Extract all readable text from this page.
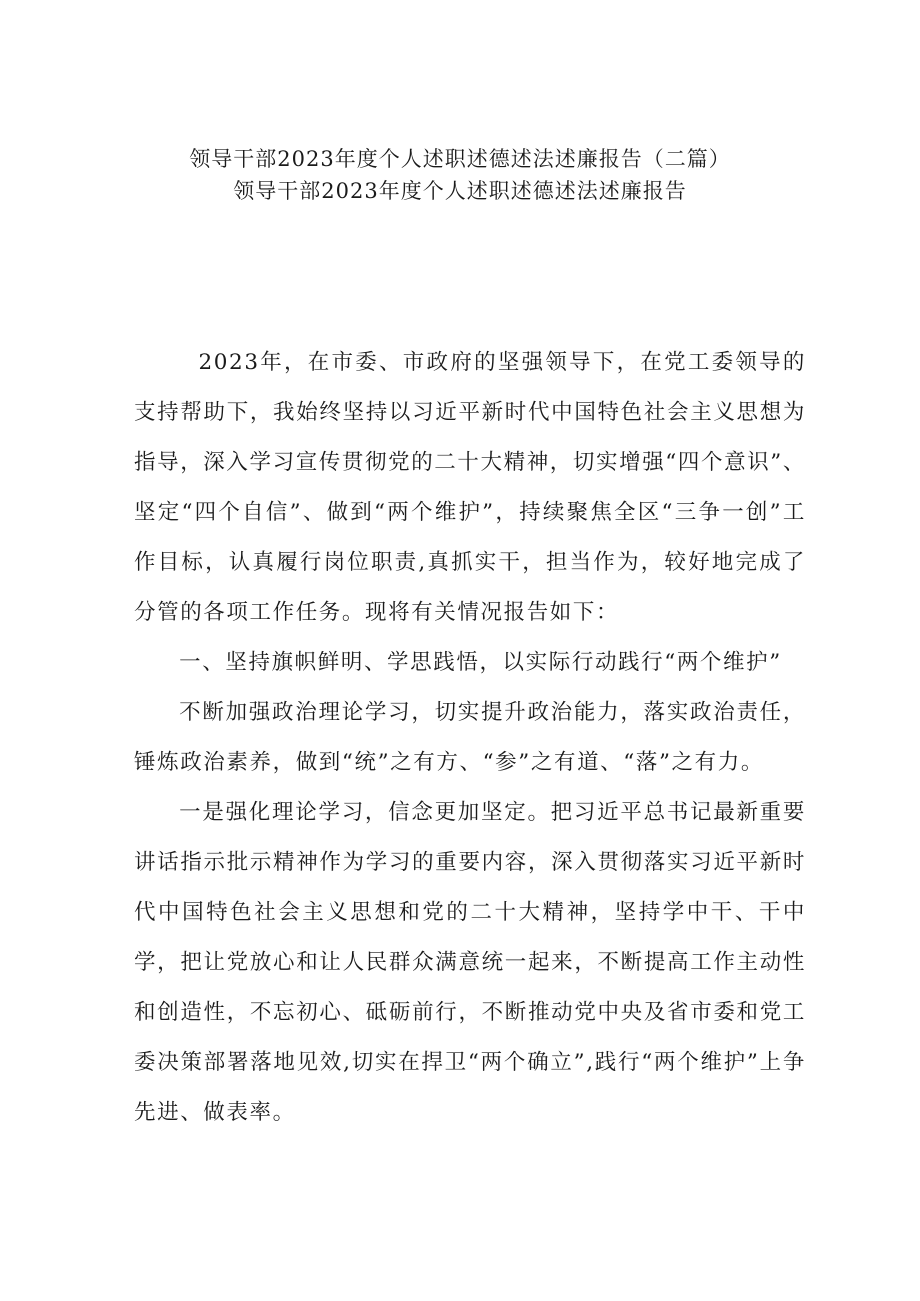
领导干部2023年度个人述职述德述法述廉报告（二篇）
领导干部2023年度个人述职述德述法述廉报告

2023年，在市委、市政府的坚强领导下，在党工委领导的支持帮助下，我始终坚持以习近平新时代中国特色社会主义思想为指导，深入学习宣传贯彻党的二十大精神，切实增强“四个意识”、坚定“四个自信”、做到“两个维护”，持续聚焦全区“三争一创”工作目标，认真履行岗位职责,真抓实干，担当作为，较好地完成了分管的各项工作任务。现将有关情况报告如下：

一、坚持旗帜鲜明、学思践悟，以实际行动践行“两个维护”

不断加强政治理论学习，切实提升政治能力，落实政治责任，锤炼政治素养，做到“统”之有方、“参”之有道、“落”之有力。

一是强化理论学习，信念更加坚定。把习近平总书记最新重要讲话指示批示精神作为学习的重要内容，深入贯彻落实习近平新时代中国特色社会主义思想和党的二十大精神，坚持学中干、干中学，把让党放心和让人民群众满意统一起来，不断提高工作主动性和创造性，不忘初心、砥砺前行，不断推动党中央及省市委和党工委决策部署落地见效,切实在捍卫“两个确立”,践行“两个维护”上争先进、做表率。
